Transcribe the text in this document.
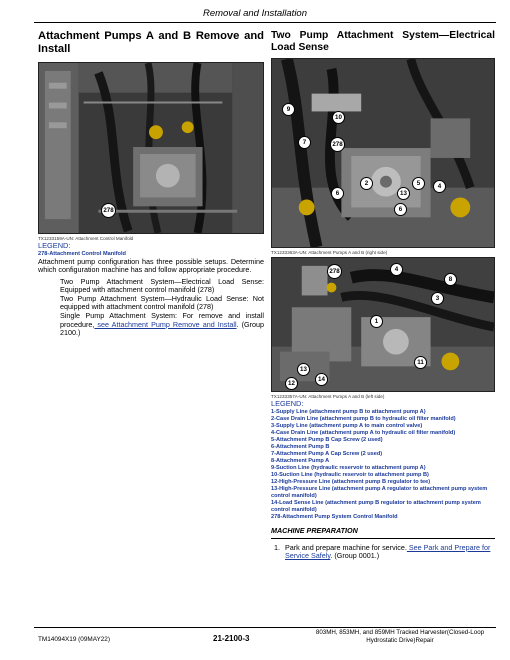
Removal and Installation
Attachment Pumps A and B Remove and Install
278
TX1233159A-UN: Attachment Control Manifold
LEGEND:
278-Attachment Control Manifold
Attachment pump configuration has three possible setups. Determine which configuration machine has and follow appropriate procedure.
Two Pump Attachment System—Electrical Load Sense: Equipped with attachment control manifold (278)
Two Pump Attachment System—Hydraulic Load Sense: Not equipped with attachment control manifold (278)
Single Pump Attachment System: For remove and install procedure, see Attachment Pump Remove and Install. (Group 2100.)
Two Pump Attachment System—Electrical Load Sense
9
10
7	278
2
6
5
13
6
4
TX1233363A-UN: Attachment Pumps A and B (right side)
278	4
8
3
1
12
13
14
11
TX1233357A-UN: Attachment Pumps A and B (left side)
LEGEND:
1-Supply Line (attachment pump B to attachment pump A)
2-Case Drain Line (attachment pump B to hydraulic oil filter manifold)
3-Supply Line (attachment pump A to main control valve)
4-Case Drain Line (attachment pump A to hydraulic oil filter manifold)
5-Attachment Pump B Cap Screw (2 used)
6-Attachment Pump B
7-Attachment Pump A Cap Screw (2 used)
8-Attachment Pump A
9-Suction Line (hydraulic reservoir to attachment pump A)
10-Suction Line (hydraulic reservoir to attachment pump B)
12-High-Pressure Line (attachment pump B regulator to tee)
13-High-Pressure Line (attachment pump A regulator to attachment pump system control manifold)
14-Load Sense Line (attachment pump B regulator to attachment pump system control manifold)
278-Attachment Pump System Control Manifold
MACHINE PREPARATION
1. Park and prepare machine for service. See Park and Prepare for Service Safely. (Group 0001.)
TM14094X19 (09MAY22)	21-2100-3
803MH, 853MH, and 859MH Tracked Harvester(Closed-Loop Hydrostatic Drive)Repair
